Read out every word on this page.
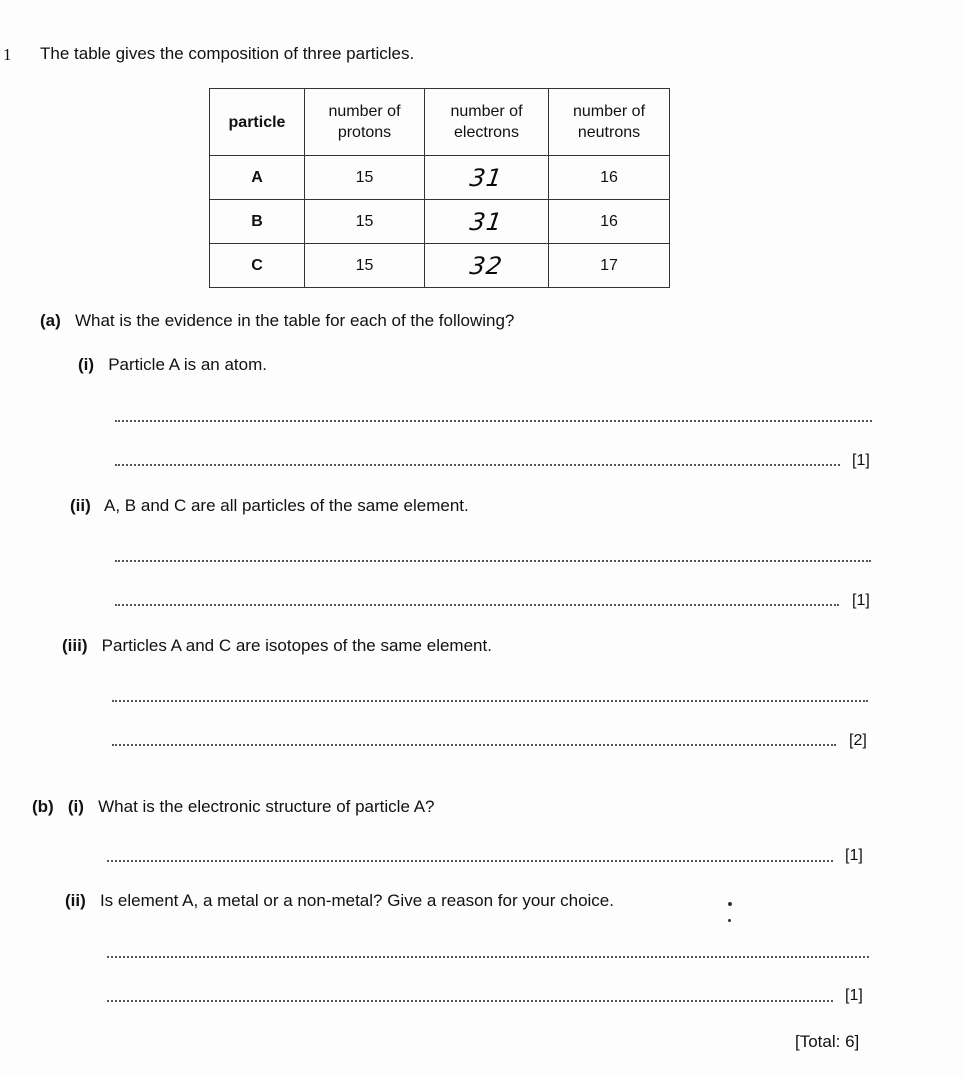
1 The table gives the composition of three particles.
particle	number of protons	number of electrons	number of neutrons
A	15	31	16
B	15	31	16
C	15	32	17
(a) What is the evidence in the table for each of the following?
(i) Particle A is an atom.
[1]
(ii) A, B and C are all particles of the same element.
[1]
(iii) Particles A and C are isotopes of the same element.
[2]
(b) (i) What is the electronic structure of particle A?
[1]
(ii) Is element A, a metal or a non-metal? Give a reason for your choice.
[1]
[Total: 6]
